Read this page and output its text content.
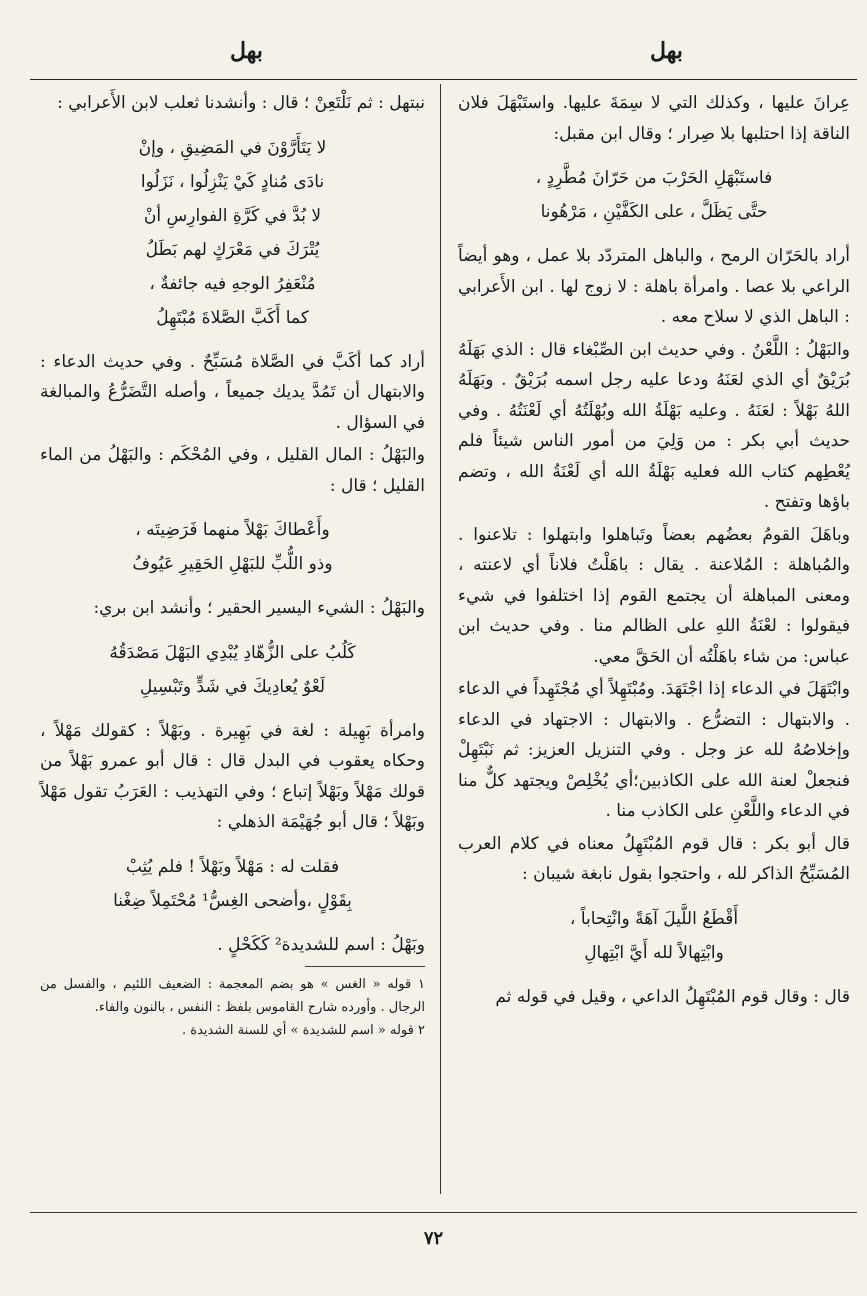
بهل	بهل

عِرانَ عليها ، وكذلك التي لا سِمَةَ عليها. واستَبْهَلَ فلان الناقة إذا احتلبها بلا صِرار ؛ وقال ابن مقبل:

فاستَبْهَلِ الحَرْبَ من حَرّانَ مُطَّرِدٍ ،
حتَّى يَظَلَّ ، على الكَفَّيْنِ ، مَرْهُونا

أراد بالحَرّان الرمح ، والباهل المتردّد بلا عمل ، وهو أيضاً الراعي بلا عصا . وامرأة باهلة : لا زوج لها . ابن الأَعرابي : الباهل الذي لا سلاح معه .

والبَهْلُ : اللَّعْنُ . وفي حديث ابن الصِّبْغاء قال : الذي بَهَلَهُ بُرَيْقٌ أي الذي لعَنَهُ ودعا عليه رجل اسمه بُرَيْقٌ . وبَهَلَهُ اللهُ بَهْلاً : لعَنَهُ . وعليه بَهْلَةُ الله وبُهْلَتُهُ أي لَعْنَتُهُ . وفي حديث أبي بكر : من وَلِيَ من أمور الناس شيئاً فلم يُعْطِهم كتاب الله فعليه بَهْلَةُ الله أي لَعْنَةُ الله ، وتضم باؤها وتفتح .

وباهَلَ القومُ بعضُهم بعضاً وتَباهلوا وابتهلوا : تلاعنوا . والمُباهلة : المُلاعنة . يقال : باهَلْتُ فلاناً أي لاعنته ، ومعنى المباهلة أن يجتمع القوم إذا اختلفوا في شيء فيقولوا : لعْنَةُ اللهِ على الظالم منا . وفي حديث ابن عباس: من شاء باهَلْتُه أن الحَقَّ معي.

وابْتَهَلَ في الدعاء إذا اجْتَهَدَ. ومُبْتَهِلاً أي مُجْتَهِداً في الدعاء . والابتهال : التضرُّع . والابتهال : الاجتهاد في الدعاء وإخلاصُهُ لله عز وجل . وفي التنزيل العزيز: ثم نَبْتَهِلْ فنجعلْ لعنة الله على الكاذبين؛أي يُخْلِصْ ويجتهد كلٌّ منا في الدعاء واللَّعْنِ على الكاذب منا .

قال أبو بكر : قال قوم المُبْتَهِلُ معناه في كلام العرب المُسَبِّحُ الذاكر لله ، واحتجوا بقول نابغة شيبان :

أَقْطَعُ اللَّيلَ آهَةً وانْتِحاباً ،
وابْتِهالاً لله أَيَّ ابْتِهالِ

قال : وقال قوم المُبْتَهِلُ الداعي ، وقيل في قوله ثم

نبتهل : ثم نَلْتَعِنْ ؛ قال : وأنشدنا ثعلب لابن الأَعرابي :

لا يَتَأَرَّوْنَ في المَضِيقِ ، وإنْ
نادَى مُنادٍ كَيْ يَنْزِلُوا ، نَزَلُوا
لا بُدَّ في كَرَّةِ الفوارِسِ أنْ
يُتْرَكَ في مَعْرَكٍ لهم بَطَلُ
مُنْعَفِرُ الوجهِ فيه جائفةٌ ،
كما أَكَبَّ الصَّلاةَ مُبْتَهِلُ

أراد كما أكَبَّ في الصَّلاة مُسَبِّحٌ . وفي حديث الدعاء : والابتهال أن تَمُدَّ يديك جميعاً ، وأصله التَّضَرُّعُ والمبالغة في السؤال .

والبَهْلُ : المال القليل ، وفي المُحْكَم : والبَهْلُ من الماء القليل ؛ قال :

وأَعْطاكَ بَهْلاً منهما فَرَضِيتَه ،
وذو اللُّبِّ للبَهْلِ الحَقِيرِ عَيُوفُ

والبَهْلُ : الشيء اليسير الحقير ؛ وأنشد ابن بري:

كَلُبُ على الزُّهّادِ يُبْدِي البَهْلَ مَصْدَقُهُ
لَعْوٌ يُعادِيكَ في شَدٍّ وتَبْسِيلِ

وامرأة بَهِيلة : لغة في بَهِيرة . وبَهْلاً : كقولك مَهْلاً ، وحكاه يعقوب في البدل قال : قال أبو عمرو بَهْلاً من قولك مَهْلاً وبَهْلاً إتباع ؛ وفي التهذيب : العَرَبُ تقول مَهْلاً وبَهْلاً ؛ قال أبو جُهَيْمَة الذهلي :

فقلت له : مَهْلاً وبَهْلاً ! فلم يُثِبْ
بِقَوْلٍ ،وأضحى الغِسُّ¹ مُحْتَمِلاً ضِغْنا

وبَهْلُ : اسم للشديدة² كَكَحْلٍ .

١ قوله « الغس » هو بضم المعجمة : الضعيف اللئيم ، والفسل من الرجال . وأورده شارح القاموس بلفظ : النفس ، بالنون والفاء.

٢ قوله « اسم للشديدة » أي للسنة الشديدة .

٧٢
